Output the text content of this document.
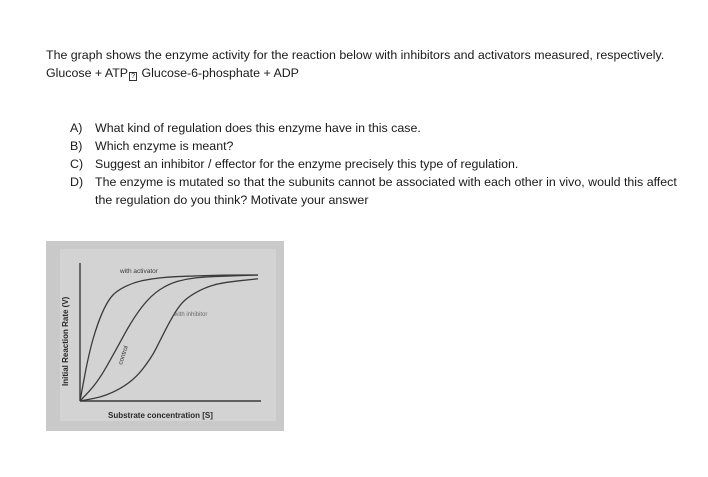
The graph shows the enzyme activity for the reaction below with inhibitors and activators measured, respectively.

Glucose + ATP ? Glucose-6-phosphate + ADP

A)	What kind of regulation does this enzyme have in this case.
B)	Which enzyme is meant?
C) Suggest an inhibitor / effector for the enzyme precisely this type of regulation.
D) The enzyme is mutated so that the subunits cannot be associated with each other in vivo, would this affect the regulation do you think? Motivate your answer
Initial Reaction Rate (V)
Substrate concentration [S]
with activator
control
with inhibitor
